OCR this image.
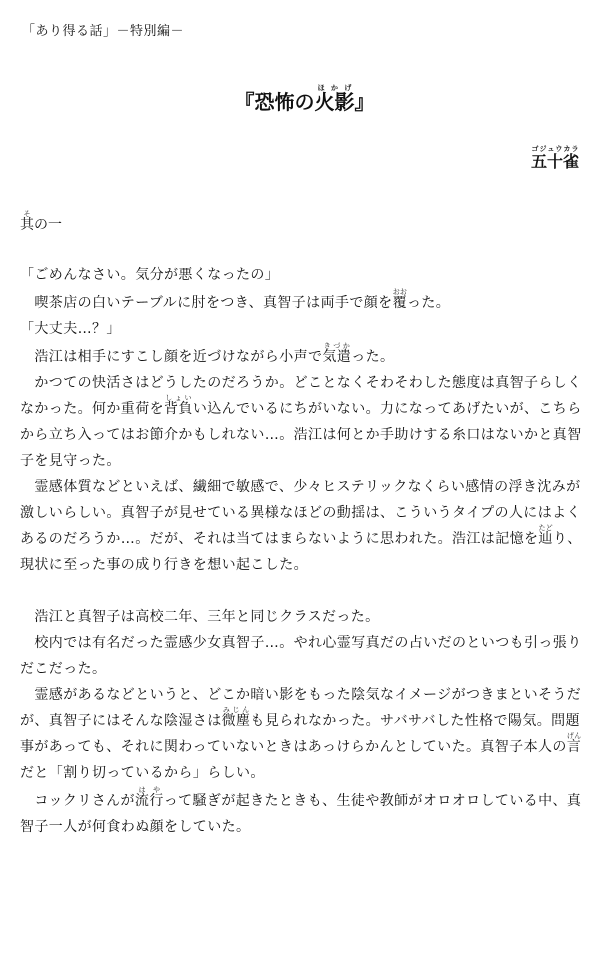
「あり得る話」－特別編－
『恐怖の火影ほかげ』
五十雀ゴジュウカラ
其その一

「ごめんなさい。気分が悪くなったの」

　喫茶店の白いテーブルに肘をつき、真智子は両手で顔を覆おおった。

「大丈夫…？」

　浩江は相手にすこし顔を近づけながら小声で気遣きづかった。

　かつての快活さはどうしたのだろうか。どことなくそわそわした態度は真智子らしくなかった。何か重荷を背負しょいい込んでいるにちがいない。力になってあげたいが、こちらから立ち入ってはお節介かもしれない…。浩江は何とか手助けする糸口はないかと真智子を見守った。

　霊感体質などといえば、繊細で敏感で、少々ヒステリックなくらい感情の浮き沈みが激しいらしい。真智子が見せている異様なほどの動揺は、こういうタイプの人にはよくあるのだろうか…。だが、それは当てはまらないように思われた。浩江は記憶を辿たどり、現状に至った事の成り行きを想い起こした。

　浩江と真智子は高校二年、三年と同じクラスだった。

　校内では有名だった霊感少女真智子…。やれ心霊写真だの占いだのといつも引っ張りだこだった。

　霊感があるなどというと、どこか暗い影をもった陰気なイメージがつきまといそうだが、真智子にはそんな陰湿さは微塵みじんも見られなかった。サバサバした性格で陽気。問題事があっても、それに関わっていないときはあっけらかんとしていた。真智子本人の言げんだと「割り切っているから」らしい。

　コックリさんが流行はやって騒ぎが起きたときも、生徒や教師がオロオロしている中、真智子一人が何食わぬ顔をしていた。
